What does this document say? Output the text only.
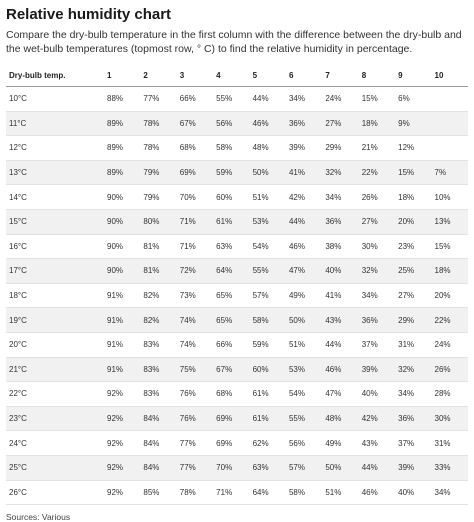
Relative humidity chart
Compare the dry-bulb temperature in the first column with the difference between the dry-bulb and the wet-bulb temperatures (topmost row, ° C) to find the relative humidity in percentage.
Dry-bulb temp.	1	2	3	4	5	6	7	8	9	10
10°C	88%	77%	66%	55%	44%	34%	24%	15%	6%	
11°C	89%	78%	67%	56%	46%	36%	27%	18%	9%	
12°C	89%	78%	68%	58%	48%	39%	29%	21%	12%	
13°C	89%	79%	69%	59%	50%	41%	32%	22%	15%	7%
14°C	90%	79%	70%	60%	51%	42%	34%	26%	18%	10%
15°C	90%	80%	71%	61%	53%	44%	36%	27%	20%	13%
16°C	90%	81%	71%	63%	54%	46%	38%	30%	23%	15%
17°C	90%	81%	72%	64%	55%	47%	40%	32%	25%	18%
18°C	91%	82%	73%	65%	57%	49%	41%	34%	27%	20%
19°C	91%	82%	74%	65%	58%	50%	43%	36%	29%	22%
20°C	91%	83%	74%	66%	59%	51%	44%	37%	31%	24%
21°C	91%	83%	75%	67%	60%	53%	46%	39%	32%	26%
22°C	92%	83%	76%	68%	61%	54%	47%	40%	34%	28%
23°C	92%	84%	76%	69%	61%	55%	48%	42%	36%	30%
24°C	92%	84%	77%	69%	62%	56%	49%	43%	37%	31%
25°C	92%	84%	77%	70%	63%	57%	50%	44%	39%	33%
26°C	92%	85%	78%	71%	64%	58%	51%	46%	40%	34%
Sources: Various
